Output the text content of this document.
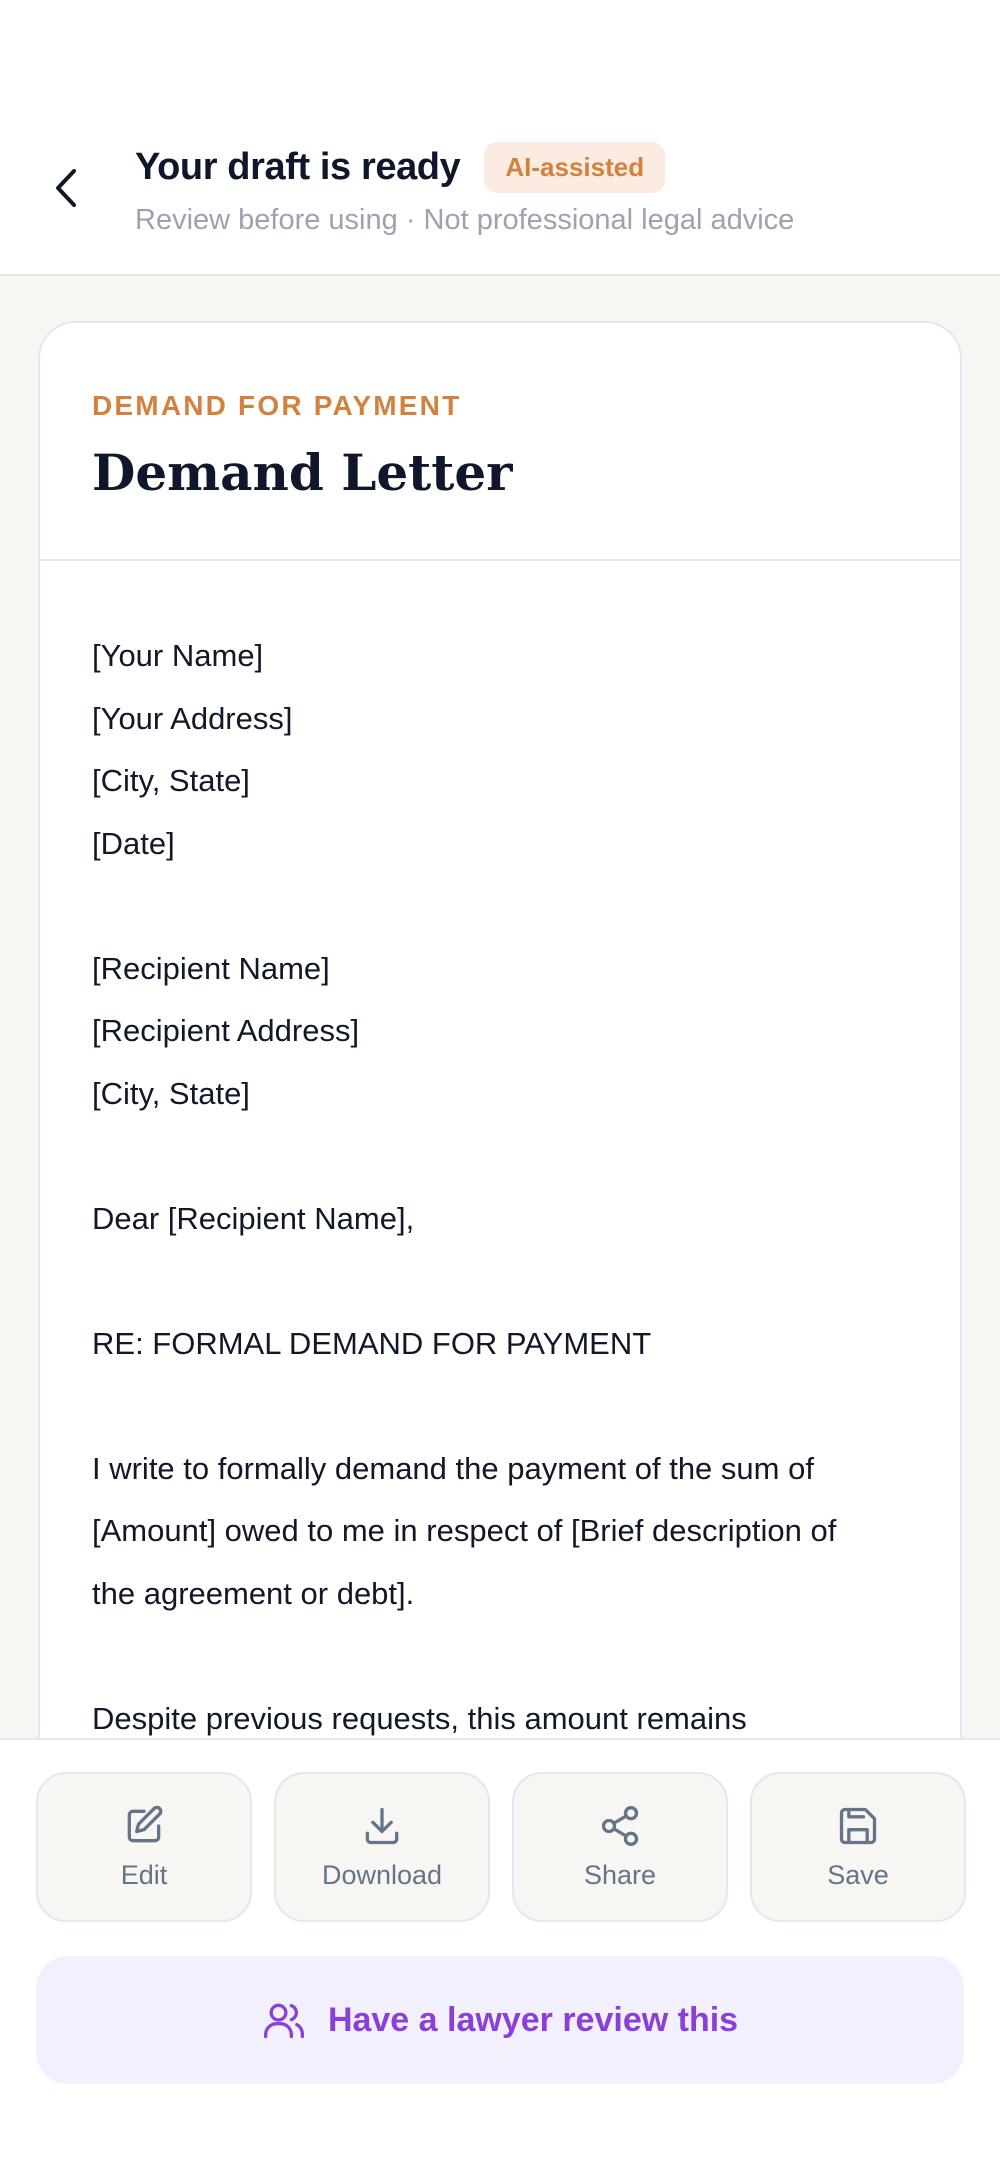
Your draft is ready	AI-assisted
Review before using · Not professional legal advice
DEMAND FOR PAYMENT
Demand Letter
[Your Name]
[Your Address]
[City, State]
[Date]
[Recipient Name]
[Recipient Address]
[City, State]
Dear [Recipient Name],
RE: FORMAL DEMAND FOR PAYMENT
I write to formally demand the payment of the sum of
[Amount] owed to me in respect of [Brief description of
the agreement or debt].
Despite previous requests, this amount remains
Edit	Download	Share	Save
Have a lawyer review this
